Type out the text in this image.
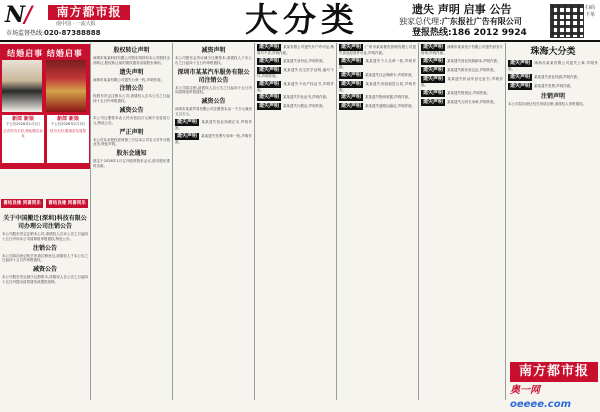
N/	南方都市报
南中国 · 一流大报
市场监督热线:020-87388888	大分类	遗失 声明 启事 公告
独家总代理:广东报社广告有限公司
登报热线:186 2012 9924
扫码下单
结婚启事 结婚启事
新郎 新娘
于公历2026年1月2日
正式结为夫妇,特此敬告亲友
新郎 新娘
于公历2026年1月3日
结为夫妇,敬请亲友周知
喜结良缘 同喜同乐	喜结良缘 同喜同乐
关于中国搬迁(深圳)科技有限公司办理公司注销公告
本公司股东决定注销本公司,请债权人自本公告之日起四十五日内向本公司清算组申报债权,特此公告。
注销公告
本公司拟向登记机关申请注销登记,请债权人于本公告之日起四十五日内申报债权。
减资公告
本公司股东决定减少注册资本,请债权人自公告之日起四十五日内提出清偿债务或提供担保。
股权转让声明
深圳市某某科技有限公司股东将持有本公司股权全部转让,股权转让前的债权债务由原股东承担。
遗失声明
深圳市某某有限公司遗失公章一枚,声明作废。
注销公告
经股东决定注销本公司,请债权人自本公告之日起四十五日内申报债权。
减资公告
本公司注册资本由人民币伍佰万元减少至壹佰万元,特此公告。
严正声明
本公司从未授权任何第三方以本公司名义对外开展业务,特此声明。
股东会通知
兹定于2026年1月召开临时股东会议,请各股东准时出席。
减资声明
本公司股东会决议减少注册资本,请债权人于本公告之日起四十五日内申报债权。
深圳市某某汽车服务有限公司注销公告
本公司拟注销,请债权人自公告之日起四十五日内向清算组申报债权。
减资公告
深圳市某某贸易有限公司注册资本由一千万元减至五百万元。
遗失声明 某某遗失营业执照正本,声明作废。
遗失声明 某某遗失发票专用章一枚,声明作废。
遗失声明 某某有限公司遗失开户许可证,核准号不详,声明作废。
遗失声明 某某遗失身份证,声明作废。
遗失声明 某某遗失出生医学证明,编号不详,声明作废。
遗失声明 某某遗失不动产权证书,声明作废。
遗失声明 某某遗失毕业证书,声明作废。
遗失声明 某某遗失行驶证,声明作废。
遗失声明 广州市某某餐饮管理有限公司遗失食品经营许可证,声明作废。
遗失声明 某某遗失个人名章一枚,声明作废。
遗失声明 某某遗失社会保障卡,声明作废。
遗失声明 某某遗失房屋租赁合同,声明作废。
遗失声明 某某遗失购房收据,声明作废。
遗失声明 某某遗失道路运输证,声明作废。
遗失声明 深圳市某某电子有限公司遗失财务专用章,声明作废。
遗失声明 某某遗失营业执照副本,声明作废。
遗失声明 某某遗失税务登记证,声明作废。
遗失声明 某某遗失机动车登记证书,声明作废。
遗失声明 某某遗失报到证,声明作废。
遗失声明 某某遗失合同专用章,声明作废。
珠海大分类
遗失声明 珠海市某某有限公司遗失公章,声明作废。
遗失声明 某某遗失营业执照,声明作废。
遗失声明 某某遗失发票,声明作废。
注销声明
本公司拟向登记机关申请注销,请债权人申报债权。
南方都市报
奥一网 oeeee.com
